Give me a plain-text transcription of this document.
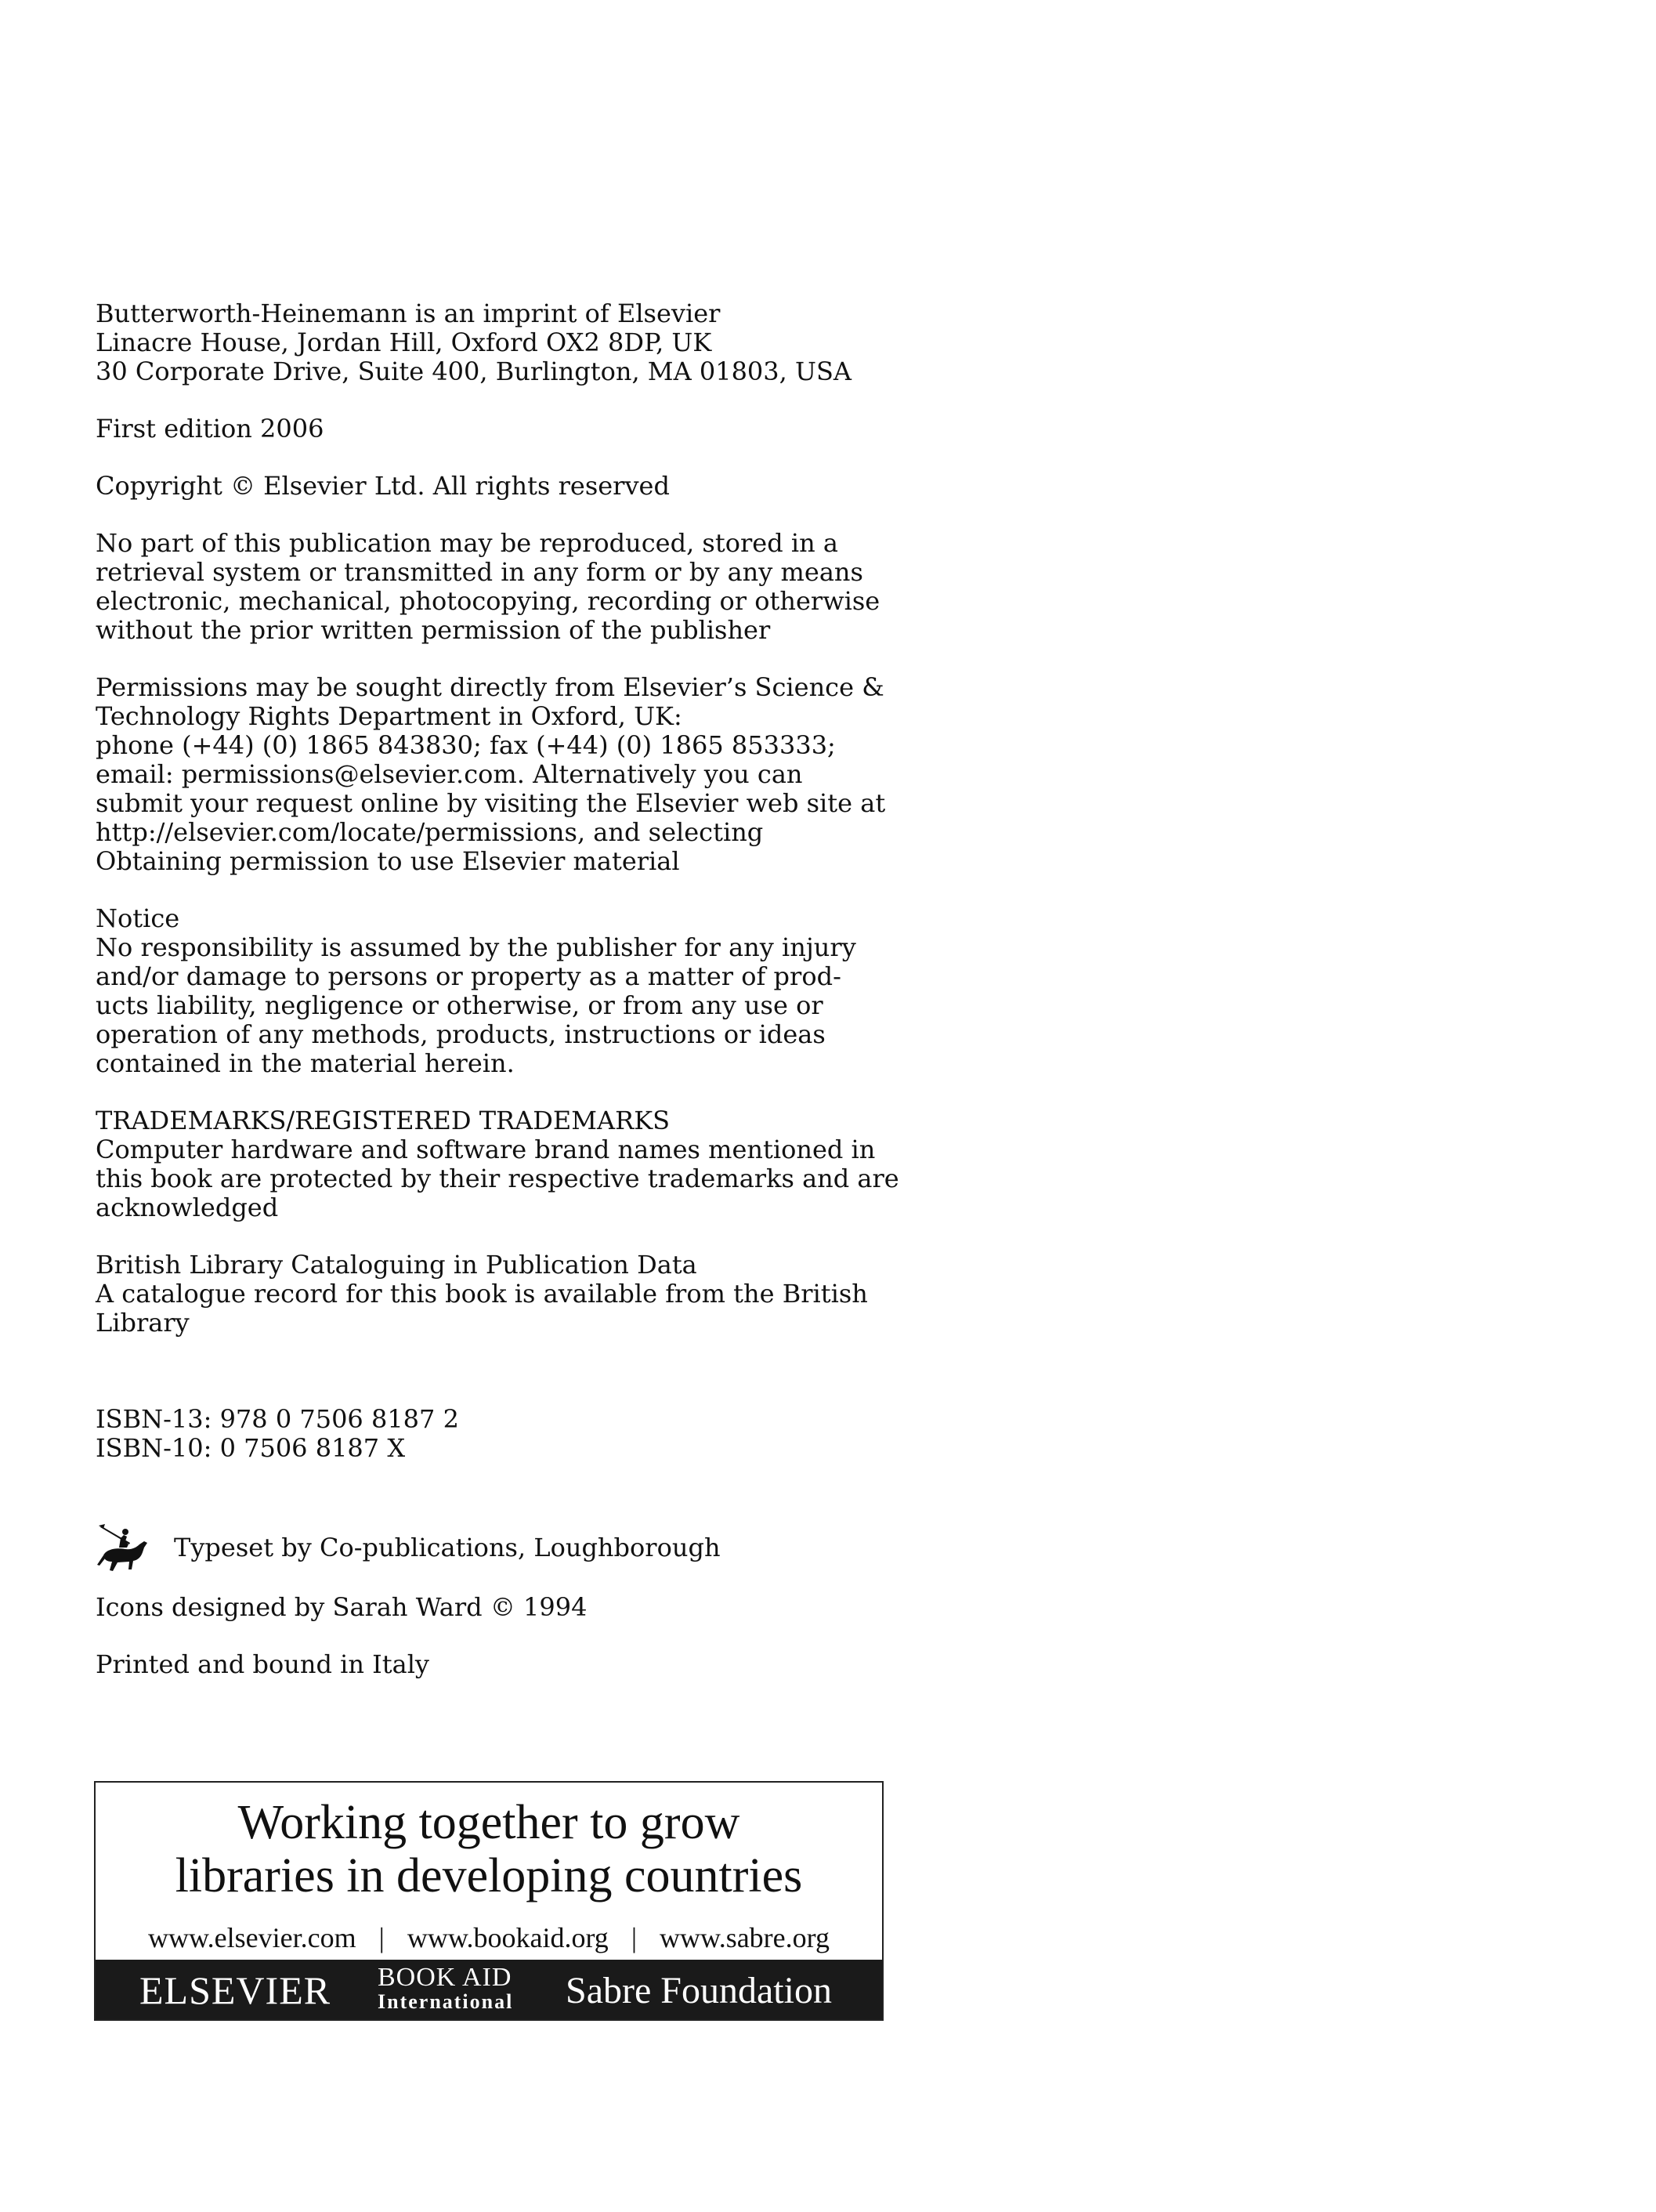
Butterworth-Heinemann is an imprint of Elsevier
Linacre House, Jordan Hill, Oxford OX2 8DP, UK
30 Corporate Drive, Suite 400, Burlington, MA 01803, USA
First edition 2006
Copyright © Elsevier Ltd. All rights reserved
No part of this publication may be reproduced, stored in a
retrieval system or transmitted in any form or by any means
electronic, mechanical, photocopying, recording or otherwise
without the prior written permission of the publisher
Permissions may be sought directly from Elsevier’s Science &
Technology Rights Department in Oxford, UK:
phone (+44) (0) 1865 843830; fax (+44) (0) 1865 853333;
email: permissions@elsevier.com. Alternatively you can
submit your request online by visiting the Elsevier web site at
http://elsevier.com/locate/permissions, and selecting
Obtaining permission to use Elsevier material
Notice
No responsibility is assumed by the publisher for any injury
and/or damage to persons or property as a matter of prod-
ucts liability, negligence or otherwise, or from any use or
operation of any methods, products, instructions or ideas
contained in the material herein.
TRADEMARKS/REGISTERED TRADEMARKS
Computer hardware and software brand names mentioned in
this book are protected by their respective trademarks and are
acknowledged
British Library Cataloguing in Publication Data
A catalogue record for this book is available from the British
Library
ISBN-13: 978 0 7506 8187 2
ISBN-10: 0 7506 8187 X
Typeset by Co-publications, Loughborough
Icons designed by Sarah Ward © 1994
Printed and bound in Italy
Working together to grow
libraries in developing countries
www.elsevier.com | www.bookaid.org | www.sabre.org
ELSEVIER BOOK AID
International Sabre Foundation
